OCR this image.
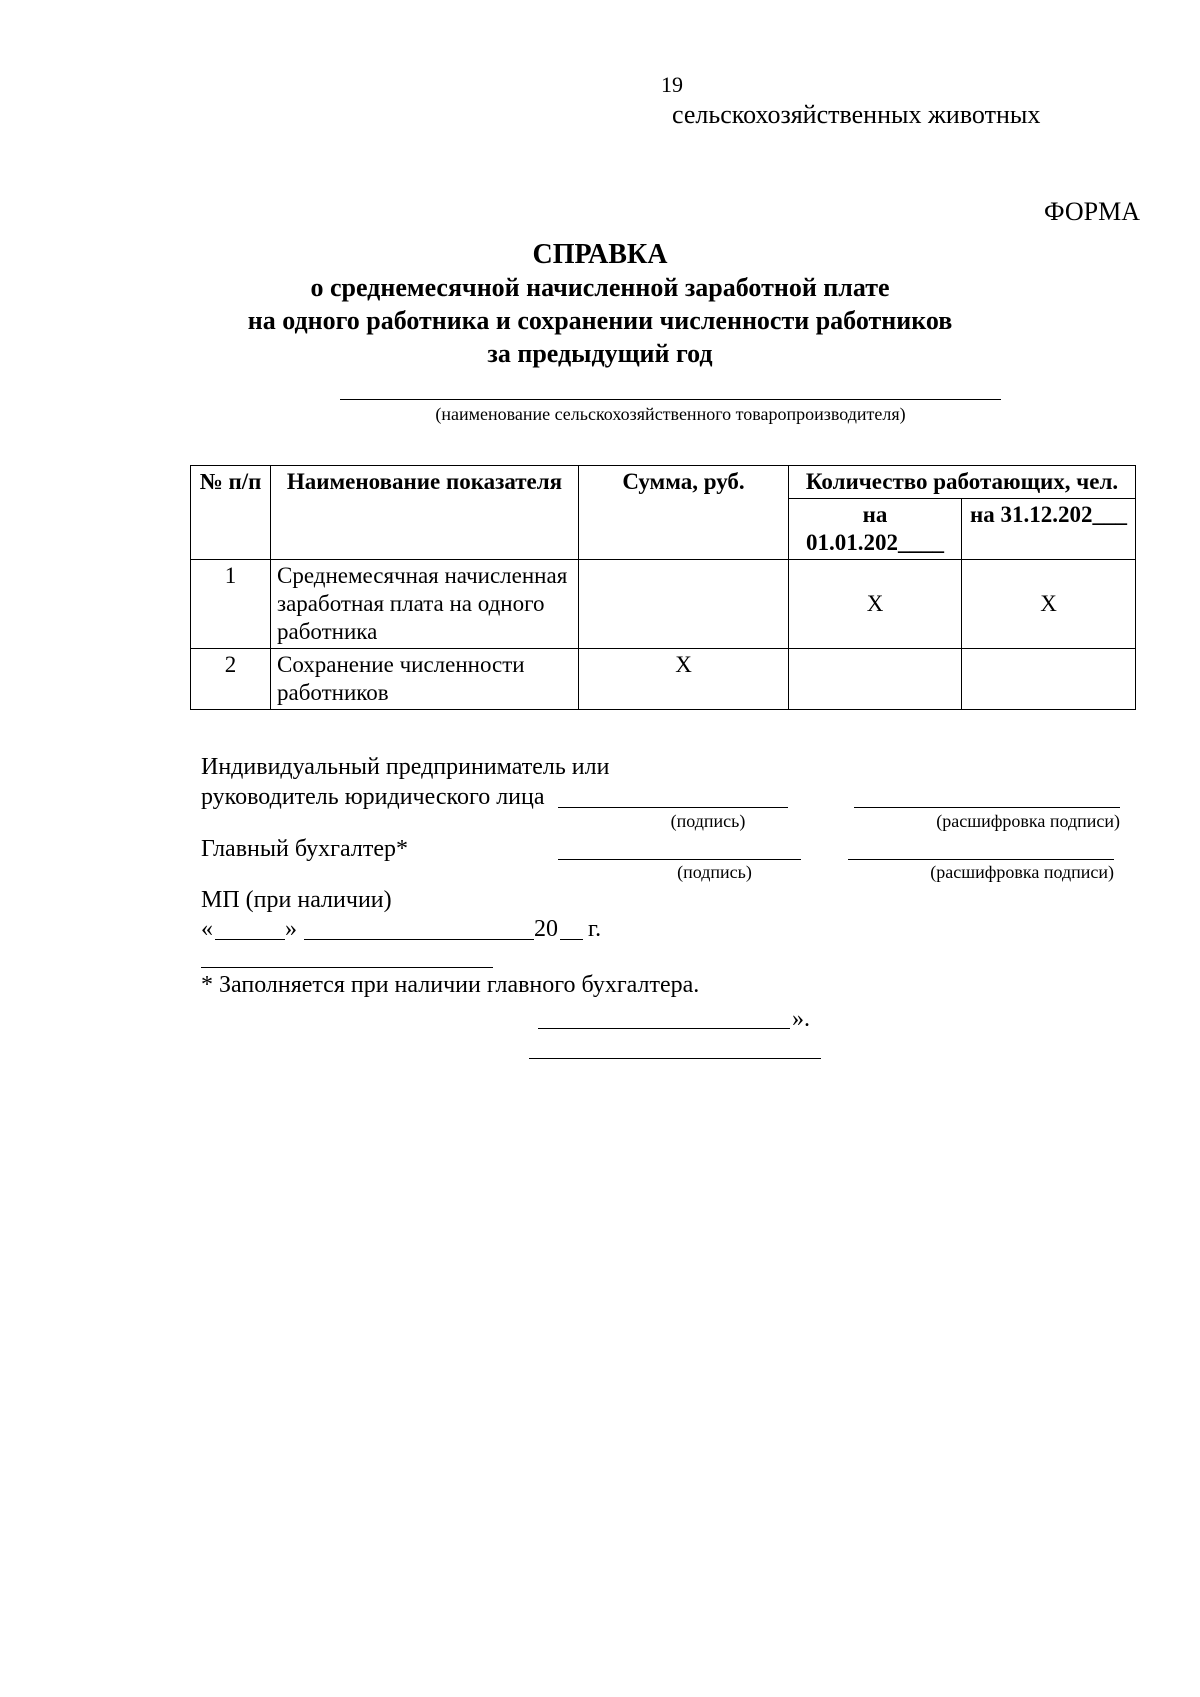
19
сельскохозяйственных животных
ФОРМА
СПРАВКА
о среднемесячной начисленной заработной плате
на одного работника и сохранении численности работников
за предыдущий год
(наименование сельскохозяйственного товаропроизводителя)
№ п/п	Наименование показателя	Сумма, руб.	Количество работающих, чел.	
			на 01.01.202____	на 31.12.202___
1	Среднемесячная начисленная заработная плата на одного работника		Х	Х
2	Сохранение численности работников	Х		
Индивидуальный предприниматель или
руководитель юридического лица
(подпись)	(расшифровка подписи)
Главный бухгалтер*
(подпись)	(расшифровка подписи)
МП (при наличии)
«	»	20 г.
* Заполняется при наличии главного бухгалтера.
».
